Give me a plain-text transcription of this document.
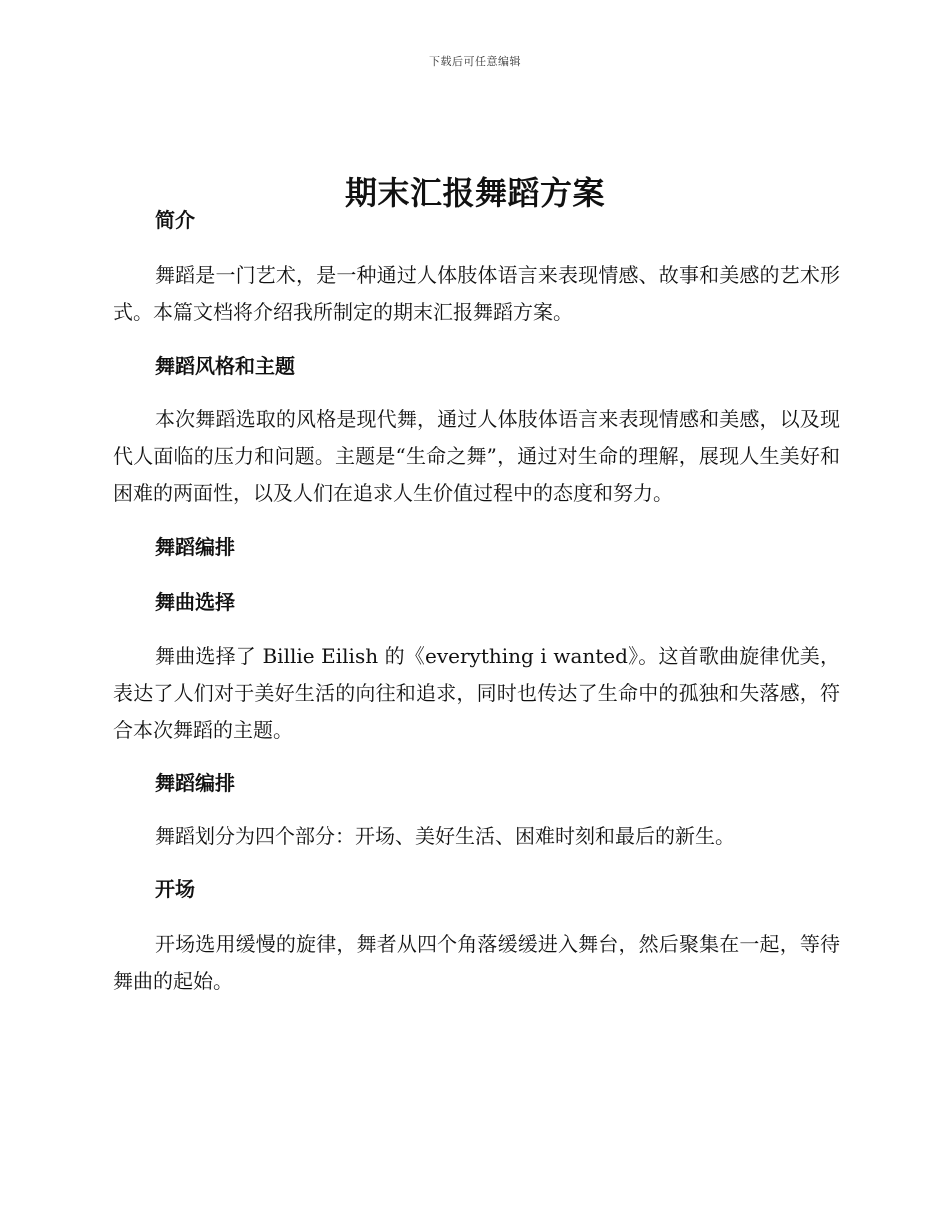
下载后可任意编辑
期末汇报舞蹈方案
简介

舞蹈是一门艺术，是一种通过人体肢体语言来表现情感、故事和美感的艺术形式。本篇文档将介绍我所制定的期末汇报舞蹈方案。

舞蹈风格和主题

本次舞蹈选取的风格是现代舞，通过人体肢体语言来表现情感和美感，以及现代人面临的压力和问题。主题是“生命之舞”，通过对生命的理解，展现人生美好和困难的两面性，以及人们在追求人生价值过程中的态度和努力。

舞蹈编排
舞曲选择

舞曲选择了 Billie Eilish 的《everything i wanted》。这首歌曲旋律优美，表达了人们对于美好生活的向往和追求，同时也传达了生命中的孤独和失落感，符合本次舞蹈的主题。

舞蹈编排

舞蹈划分为四个部分：开场、美好生活、困难时刻和最后的新生。

开场

开场选用缓慢的旋律，舞者从四个角落缓缓进入舞台，然后聚集在一起，等待舞曲的起始。
